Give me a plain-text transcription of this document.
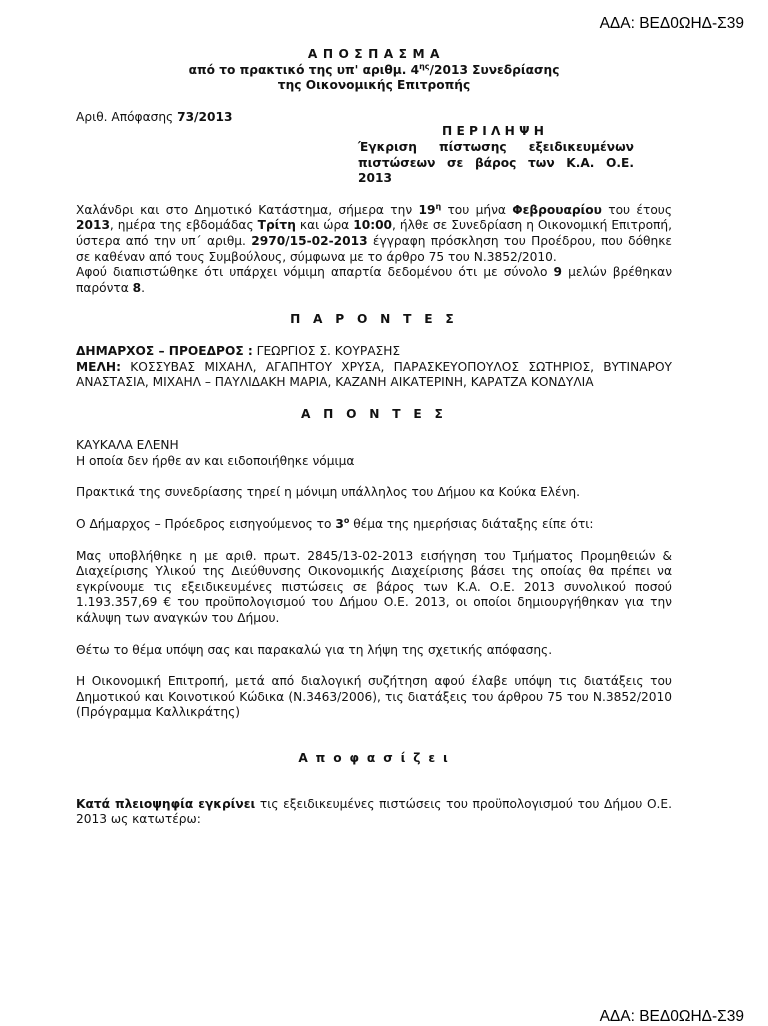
ΑΔΑ: ΒΕΔ0ΩΗΔ-Σ39

Α Π Ο Σ Π Α Σ Μ Α

από το πρακτικό της υπ' αριθμ. $4^{\eta\varsigma}/2013$ Συνεδρίασης

της Οικονομικής Επιτροπής

Αριθ. Απόφασης 73/2013

Π Ε Ρ Ι Λ Η Ψ Η

Έγκριση πίστωσης εξειδικευμένων πιστώσεων σε βάρος των Κ.Α. Ο.Ε. 2013

Χαλάνδρι και στο Δημοτικό Κατάστημα, σήμερα την $19^\eta$ του μήνα Φεβρουαρίου του έτους 2013, ημέρα της εβδομάδας Τρίτη και ώρα 10:00, ήλθε σε Συνεδρίαση η Οικονομική Επιτροπή, ύστερα από την υπ΄ αριθμ. 2970/15-02-2013 έγγραφη πρόσκληση του Προέδρου, που δόθηκε σε καθέναν από τους Συμβούλους, σύμφωνα με το άρθρο 75 του Ν.3852/2010.

Αφού διαπιστώθηκε ότι υπάρχει νόμιμη απαρτία δεδομένου ότι με σύνολο 9 μελών βρέθηκαν παρόντα 8.

Π Α Ρ Ο Ν Τ Ε Σ

ΔΗΜΑΡΧΟΣ – ΠΡΟΕΔΡΟΣ : ΓΕΩΡΓΙΟΣ Σ. ΚΟΥΡΑΣΗΣ

ΜΕΛΗ: ΚΟΣΣΥΒΑΣ ΜΙΧΑΗΛ, ΑΓΑΠΗΤΟΥ ΧΡΥΣΑ, ΠΑΡΑΣΚΕΥΟΠΟΥΛΟΣ ΣΩΤΗΡΙΟΣ, ΒΥΤΙΝΑΡΟΥ ΑΝΑΣΤΑΣΙΑ, ΜΙΧΑΗΛ – ΠΑΥΛΙΔΑΚΗ ΜΑΡΙΑ, ΚΑΖΑΝΗ ΑΙΚΑΤΕΡΙΝΗ, ΚΑΡΑΤΖΑ ΚΟΝΔΥΛΙΑ

Α Π Ο Ν Τ Ε Σ

ΚΑΥΚΑΛΑ ΕΛΕΝΗ

Η οποία δεν ήρθε αν και ειδοποιήθηκε νόμιμα

Πρακτικά της συνεδρίασης τηρεί η μόνιμη υπάλληλος του Δήμου κα Κούκα Ελένη.

Ο Δήμαρχος – Πρόεδρος εισηγούμενος το $3^o$ θέμα της ημερήσιας διάταξης είπε ότι:

Μας υποβλήθηκε η με αριθ. πρωτ. 2845/13-02-2013 εισήγηση του Τμήματος Προμηθειών & Διαχείρισης Υλικού της Διεύθυνσης Οικονομικής Διαχείρισης βάσει της οποίας θα πρέπει να εγκρίνουμε τις εξειδικευμένες πιστώσεις σε βάρος των Κ.Α. Ο.Ε. 2013 συνολικού ποσού 1.193.357,69 € του προϋπολογισμού του Δήμου Ο.Ε. 2013, οι οποίοι δημιουργήθηκαν για την κάλυψη των αναγκών του Δήμου.

Θέτω το θέμα υπόψη σας και παρακαλώ για τη λήψη της σχετικής απόφασης.

Η Οικονομική Επιτροπή, μετά από διαλογική συζήτηση αφού έλαβε υπόψη τις διατάξεις του Δημοτικού και Κοινοτικού Κώδικα (Ν.3463/2006), τις διατάξεις του άρθρου 75 του Ν.3852/2010 (Πρόγραμμα Καλλικράτης)

Α π ο φ α σ ί ζ ε ι

Κατά πλειοψηφία εγκρίνει τις εξειδικευμένες πιστώσεις του προϋπολογισμού του Δήμου Ο.Ε. 2013 ως κατωτέρω:

ΑΔΑ: ΒΕΔ0ΩΗΔ-Σ39
